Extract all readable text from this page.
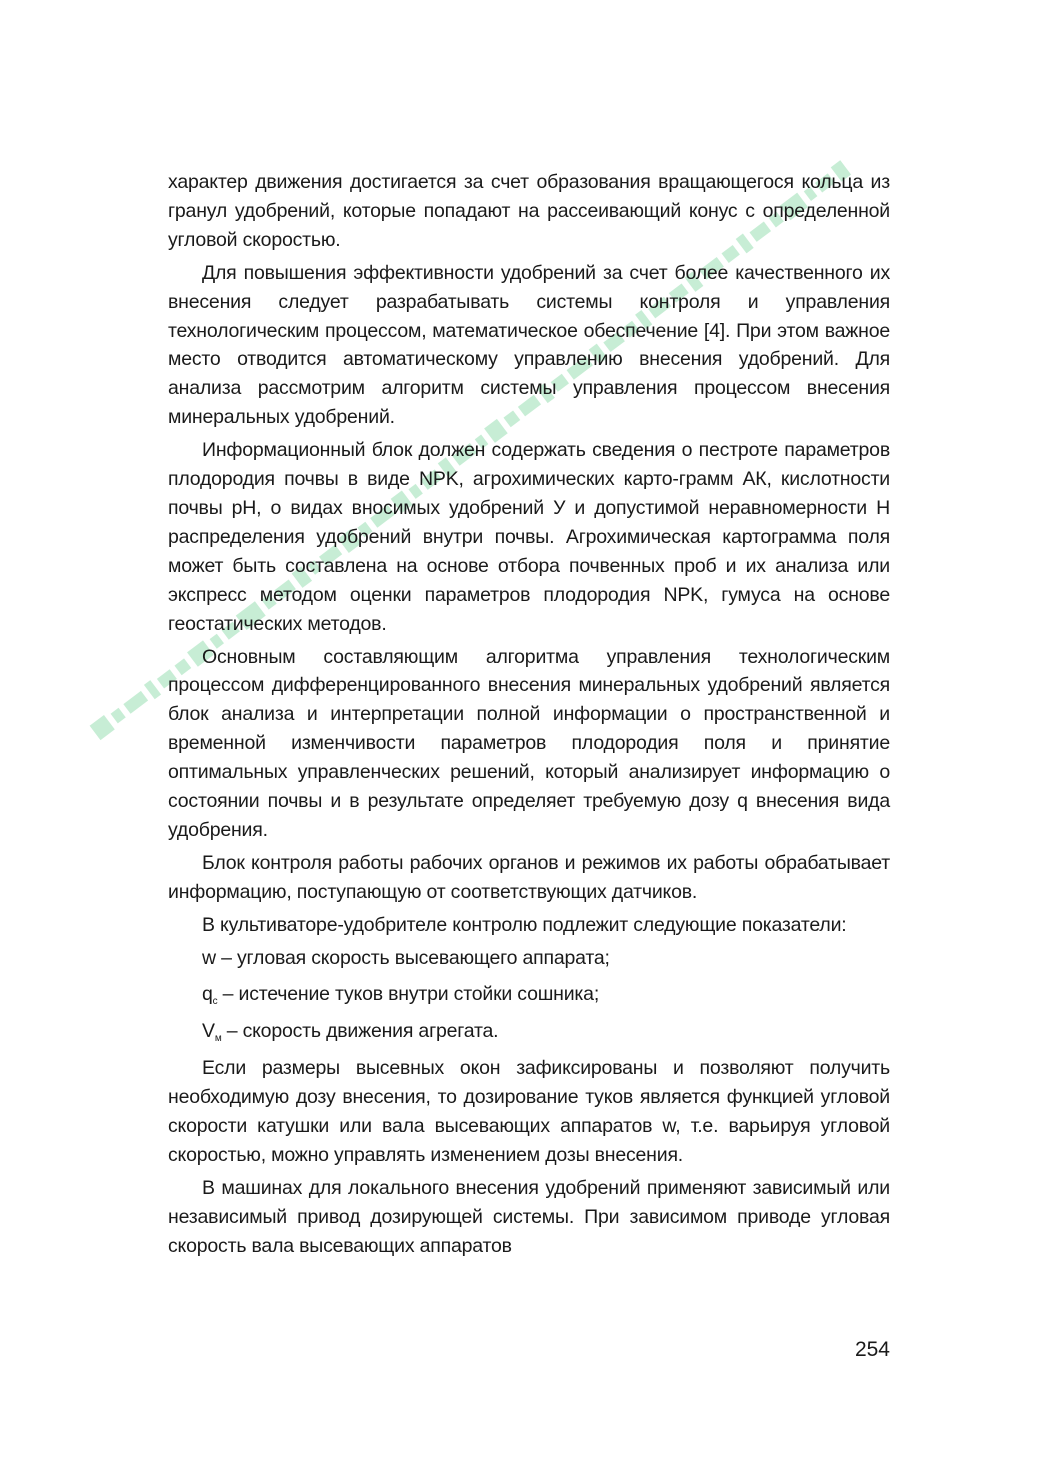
характер движения достигается за счет образования вращающегося кольца из гранул удобрений, которые попадают на рассеивающий конус с определенной угловой скоростью.

Для повышения эффективности удобрений за счет более качественного их внесения следует разрабатывать системы контроля и управления технологическим процессом, математическое обеспечение [4]. При этом важное место отводится автоматическому управлению внесения удобрений. Для анализа рассмотрим алгоритм системы управления процессом внесения минеральных удобрений.

Информационный блок должен содержать сведения о пестроте параметров плодородия почвы в виде NPK, агрохимических карто-грамм АК, кислотности почвы pH, о видах вносимых удобрений У и допустимой неравномерности Н распределения удобрений внутри почвы. Агрохимическая картограмма поля может быть составлена на основе отбора почвенных проб и их анализа или экспресс методом оценки параметров плодородия NPK, гумуса на основе геостатических методов.

Основным составляющим алгоритма управления технологическим процессом дифференцированного внесения минеральных удобрений является блок анализа и интерпретации полной информации о пространственной и временной изменчивости параметров плодородия поля и принятие оптимальных управленческих решений, который анализирует информацию о состоянии почвы и в результате определяет требуемую дозу q внесения вида удобрения.

Блок контроля работы рабочих органов и режимов их работы обрабатывает информацию, поступающую от соответствующих датчиков.

В культиваторе-удобрителе контролю подлежит следующие показатели:

w – угловая скорость высевающего аппарата;

$q_c$ – истечение туков внутри стойки сошника;

$V_м$ – скорость движения агрегата.

Если размеры высевных окон зафиксированы и позволяют получить необходимую дозу внесения, то дозирование туков является функцией угловой скорости катушки или вала высевающих аппаратов w, т.е. варьируя угловой скоростью, можно управлять изменением дозы внесения.

В машинах для локального внесения удобрений применяют зависимый или независимый привод дозирующей системы. При зависимом приводе угловая скорость вала высевающих аппаратов

254
